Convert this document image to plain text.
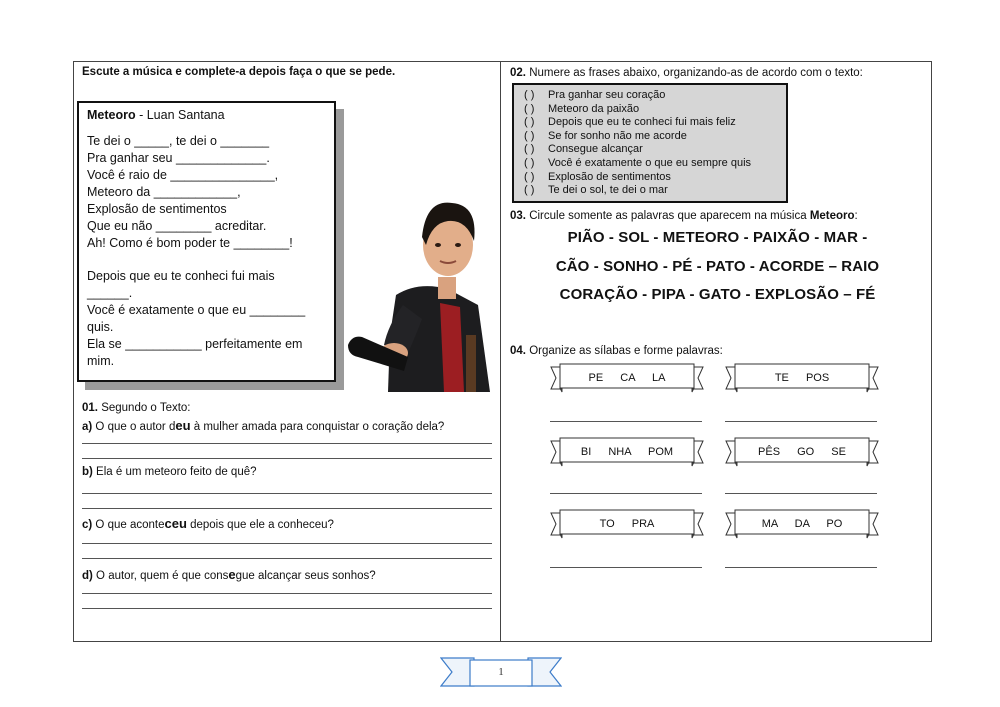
Escute a música e complete-a depois faça o que se pede.
Meteoro - Luan Santana
Te dei o _____, te dei o _______
Pra ganhar seu _____________.
Você é raio de _______________,
Meteoro da ____________,
Explosão de sentimentos
Que eu não ________ acreditar.
Ah! Como é bom poder te ________!
Depois que eu te conheci fui mais
______.
Você é exatamente o que eu ________
quis.
Ela se ___________ perfeitamente em
mim.
01. Segundo o Texto:
a) O que o autor deu à mulher amada para conquistar o coração dela?
b) Ela é um meteoro feito de quê?
c) O que aconteceu depois que ele a conheceu?
d) O autor, quem é que consegue alcançar seus sonhos?
02. Numere as frases abaixo, organizando-as de acordo com o texto:
( ) Pra ganhar seu coração
( ) Meteoro da paixão
( ) Depois que eu te conheci fui mais feliz
( ) Se for sonho não me acorde
( ) Consegue alcançar
( ) Você é exatamente o que eu sempre quis
( ) Explosão de sentimentos
( ) Te dei o sol, te dei o mar
03. Circule somente as palavras que aparecem na música Meteoro:
PIÃO - SOL - METEORO - PAIXÃO - MAR -
CÃO - SONHO - PÉ - PATO - ACORDE – RAIO
CORAÇÃO - PIPA - GATO - EXPLOSÃO – FÉ
04. Organize as sílabas e forme palavras:
PE CA LA	TE POS
BI NHA POM	PÊS GO SE
TO PRA	MA DA PO
1
